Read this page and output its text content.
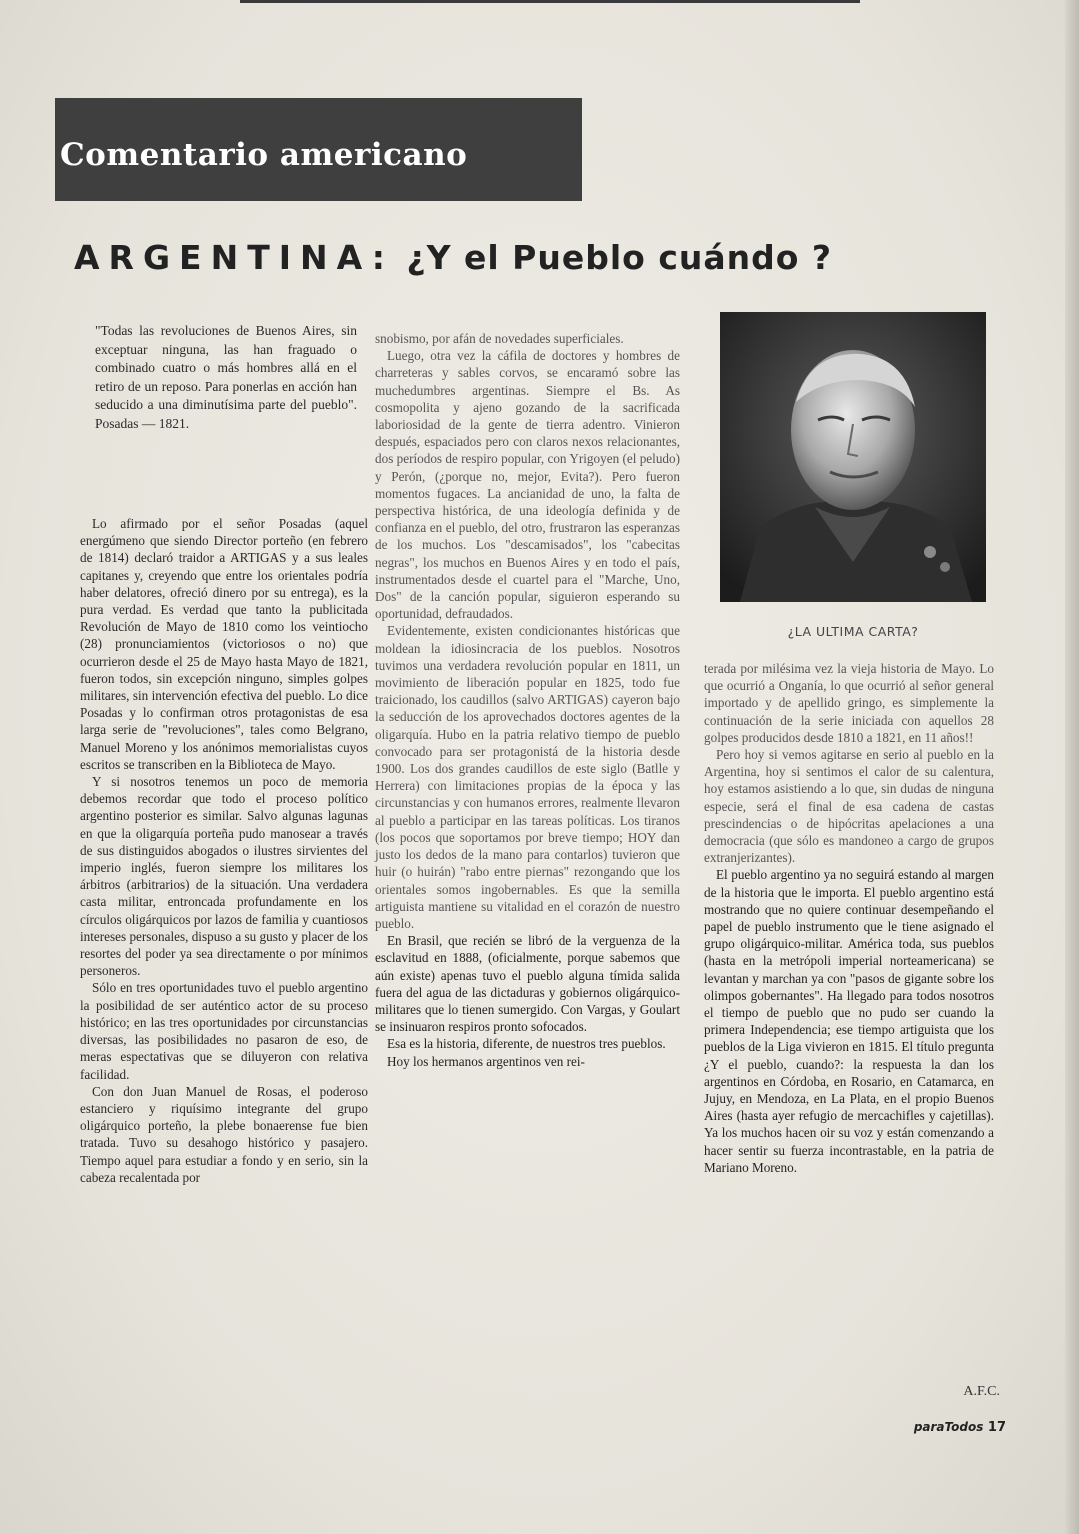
Comentario americano
ARGENTINA: ¿Y el Pueblo cuándo ?
"Todas las revoluciones de Buenos Aires, sin exceptuar ninguna, las han fraguado o combinado cuatro o más hombres allá en el retiro de un reposo. Para ponerlas en acción han seducido a una diminutísima parte del pueblo". Posadas — 1821.

Lo afirmado por el señor Posadas (aquel energúmeno que siendo Director porteño (en febrero de 1814) declaró traidor a ARTIGAS y a sus leales capitanes y, creyendo que entre los orientales podría haber delatores, ofreció dinero por su entrega), es la pura verdad. Es verdad que tanto la publicitada Revolución de Mayo de 1810 como los veintiocho (28) pronunciamientos (victoriosos o no) que ocurrieron desde el 25 de Mayo hasta Mayo de 1821, fueron todos, sin excepción ninguno, simples golpes militares, sin intervención efectiva del pueblo. Lo dice Posadas y lo confirman otros protagonistas de esa larga serie de "revoluciones", tales como Belgrano, Manuel Moreno y los anónimos memorialistas cuyos escritos se transcriben en la Biblioteca de Mayo.

Y si nosotros tenemos un poco de memoria debemos recordar que todo el proceso político argentino posterior es similar. Salvo algunas lagunas en que la oligarquía porteña pudo manosear a través de sus distinguidos abogados o ilustres sirvientes del imperio inglés, fueron siempre los militares los árbitros (arbitrarios) de la situación. Una verdadera casta militar, entroncada profundamente en los círculos oligárquicos por lazos de familia y cuantiosos intereses personales, dispuso a su gusto y placer de los resortes del poder ya sea directamente o por mínimos personeros.

Sólo en tres oportunidades tuvo el pueblo argentino la posibilidad de ser auténtico actor de su proceso histórico; en las tres oportunidades por circunstancias diversas, las posibilidades no pasaron de eso, de meras espectativas que se diluyeron con relativa facilidad.

Con don Juan Manuel de Rosas, el poderoso estanciero y riquísimo integrante del grupo oligárquico porteño, la plebe bonaerense fue bien tratada. Tuvo su desahogo histórico y pasajero. Tiempo aquel para estudiar a fondo y en serio, sin la cabeza recalentada por

snobismo, por afán de novedades superficiales.

Luego, otra vez la cáfila de doctores y hombres de charreteras y sables corvos, se encaramó sobre las muchedumbres argentinas. Siempre el Bs. As cosmopolita y ajeno gozando de la sacrificada laboriosidad de la gente de tierra adentro. Vinieron después, espaciados pero con claros nexos relacionantes, dos períodos de respiro popular, con Yrigoyen (el peludo) y Perón, (¿porque no, mejor, Evita?). Pero fueron momentos fugaces. La ancianidad de uno, la falta de perspectiva histórica, de una ideología definida y de confianza en el pueblo, del otro, frustraron las esperanzas de los muchos. Los "descamisados", los "cabecitas negras", los muchos en Buenos Aires y en todo el país, instrumentados desde el cuartel para el "Marche, Uno, Dos" de la canción popular, siguieron esperando su oportunidad, defraudados.

Evidentemente, existen condicionantes históricas que moldean la idiosincracia de los pueblos. Nosotros tuvimos una verdadera revolución popular en 1811, un movimiento de liberación popular en 1825, todo fue traicionado, los caudillos (salvo ARTIGAS) cayeron bajo la seducción de los aprovechados doctores agentes de la oligarquía. Hubo en la patria relativo tiempo de pueblo convocado para ser protagonistá de la historia desde 1900. Los dos grandes caudillos de este siglo (Batlle y Herrera) con limitaciones propias de la época y las circunstancias y con humanos errores, realmente llevaron al pueblo a participar en las tareas políticas. Los tiranos (los pocos que soportamos por breve tiempo; HOY dan justo los dedos de la mano para contarlos) tuvieron que huir (o huirán) "rabo entre piernas" rezongando que los orientales somos ingobernables. Es que la semilla artiguista mantiene su vitalidad en el corazón de nuestro pueblo.

En Brasil, que recién se libró de la verguenza de la esclavitud en 1888, (oficialmente, porque sabemos que aún existe) apenas tuvo el pueblo alguna tímida salida fuera del agua de las dictaduras y gobiernos oligárquico-militares que lo tienen sumergido. Con Vargas, y Goulart se insinuaron respiros pronto sofocados.

Esa es la historia, diferente, de nuestros tres pueblos.

Hoy los hermanos argentinos ven rei-

¿LA ULTIMA CARTA?

terada por milésima vez la vieja historia de Mayo. Lo que ocurrió a Onganía, lo que ocurrió al señor general importado y de apellido gringo, es simplemente la continuación de la serie iniciada con aquellos 28 golpes producidos desde 1810 a 1821, en 11 años!!

Pero hoy si vemos agitarse en serio al pueblo en la Argentina, hoy si sentimos el calor de su calentura, hoy estamos asistiendo a lo que, sin dudas de ninguna especie, será el final de esa cadena de castas prescindencias o de hipócritas apelaciones a una democracia (que sólo es mandoneo a cargo de grupos extranjerizantes).

El pueblo argentino ya no seguirá estando al margen de la historia que le importa. El pueblo argentino está mostrando que no quiere continuar desempeñando el papel de pueblo instrumento que le tiene asignado el grupo oligárquico-militar. América toda, sus pueblos (hasta en la metrópoli imperial norteamericana) se levantan y marchan ya con "pasos de gigante sobre los olimpos gobernantes". Ha llegado para todos nosotros el tiempo de pueblo que no pudo ser cuando la primera Independencia; ese tiempo artiguista que los pueblos de la Liga vivieron en 1815. El título pregunta ¿Y el pueblo, cuando?: la respuesta la dan los argentinos en Córdoba, en Rosario, en Catamarca, en Jujuy, en Mendoza, en La Plata, en el propio Buenos Aires (hasta ayer refugio de mercachifles y cajetillas). Ya los muchos hacen oir su voz y están comenzando a hacer sentir su fuerza incontrastable, en la patria de Mariano Moreno.

A.F.C.
paraTodos 17
